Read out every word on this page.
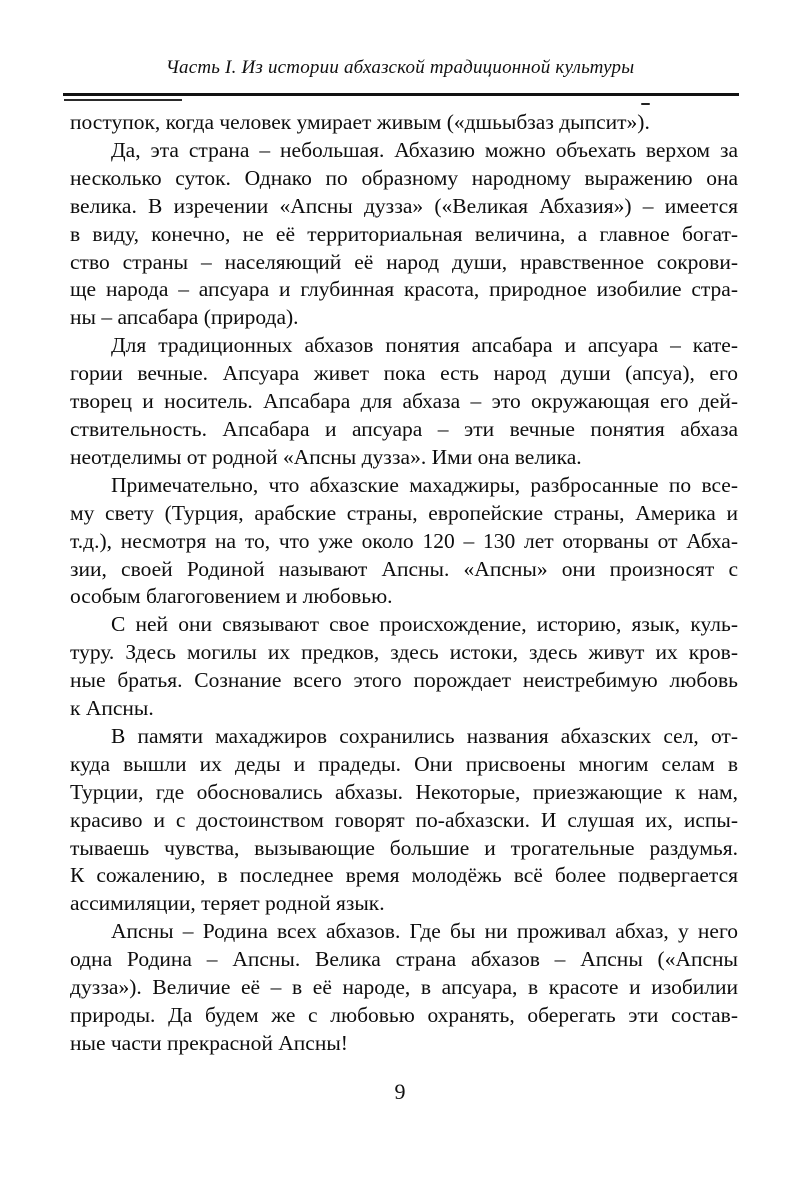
Часть I. Из истории абхазской традиционной культуры
поступок, когда человек умирает живым («дшьыбзаз дыпсит»).
Да, эта страна – небольшая. Абхазию можно объехать верхом за
несколько суток. Однако по образному народному выражению она
велика. В изречении «Апсны дузза» («Великая Абхазия») – имеется
в виду, конечно, не её территориальная величина, а главное богат-
ство страны – населяющий её народ души, нравственное сокрови-
ще народа – апсуара и глубинная красота, природное изобилие стра-
ны – апсабара (природа).
Для традиционных абхазов понятия апсабара и апсуара – кате-
гории вечные. Апсуара живет пока есть народ души (апсуа), его
творец и носитель. Апсабара для абхаза – это окружающая его дей-
ствительность. Апсабара и апсуара – эти вечные понятия абхаза
неотделимы от родной «Апсны дузза». Ими она велика.
Примечательно, что абхазские махаджиры, разбросанные по все-
му свету (Турция, арабские страны, европейские страны, Америка и
т.д.), несмотря на то, что уже около 120 – 130 лет оторваны от Абха-
зии, своей Родиной называют Апсны. «Апсны» они произносят с
особым благоговением и любовью.
С ней они связывают свое происхождение, историю, язык, куль-
туру. Здесь могилы их предков, здесь истоки, здесь живут их кров-
ные братья. Сознание всего этого порождает неистребимую любовь
к Апсны.
В памяти махаджиров сохранились названия абхазских сел, от-
куда вышли их деды и прадеды. Они присвоены многим селам в
Турции, где обосновались абхазы. Некоторые, приезжающие к нам,
красиво и с достоинством говорят по-абхазски. И слушая их, испы-
тываешь чувства, вызывающие большие и трогательные раздумья.
К сожалению, в последнее время молодёжь всё более подвергается
ассимиляции, теряет родной язык.
Апсны – Родина всех абхазов. Где бы ни проживал абхаз, у него
одна Родина – Апсны. Велика страна абхазов – Апсны («Апсны
дузза»). Величие её – в её народе, в апсуара, в красоте и изобилии
природы. Да будем же с любовью охранять, оберегать эти состав-
ные части прекрасной Апсны!
9
